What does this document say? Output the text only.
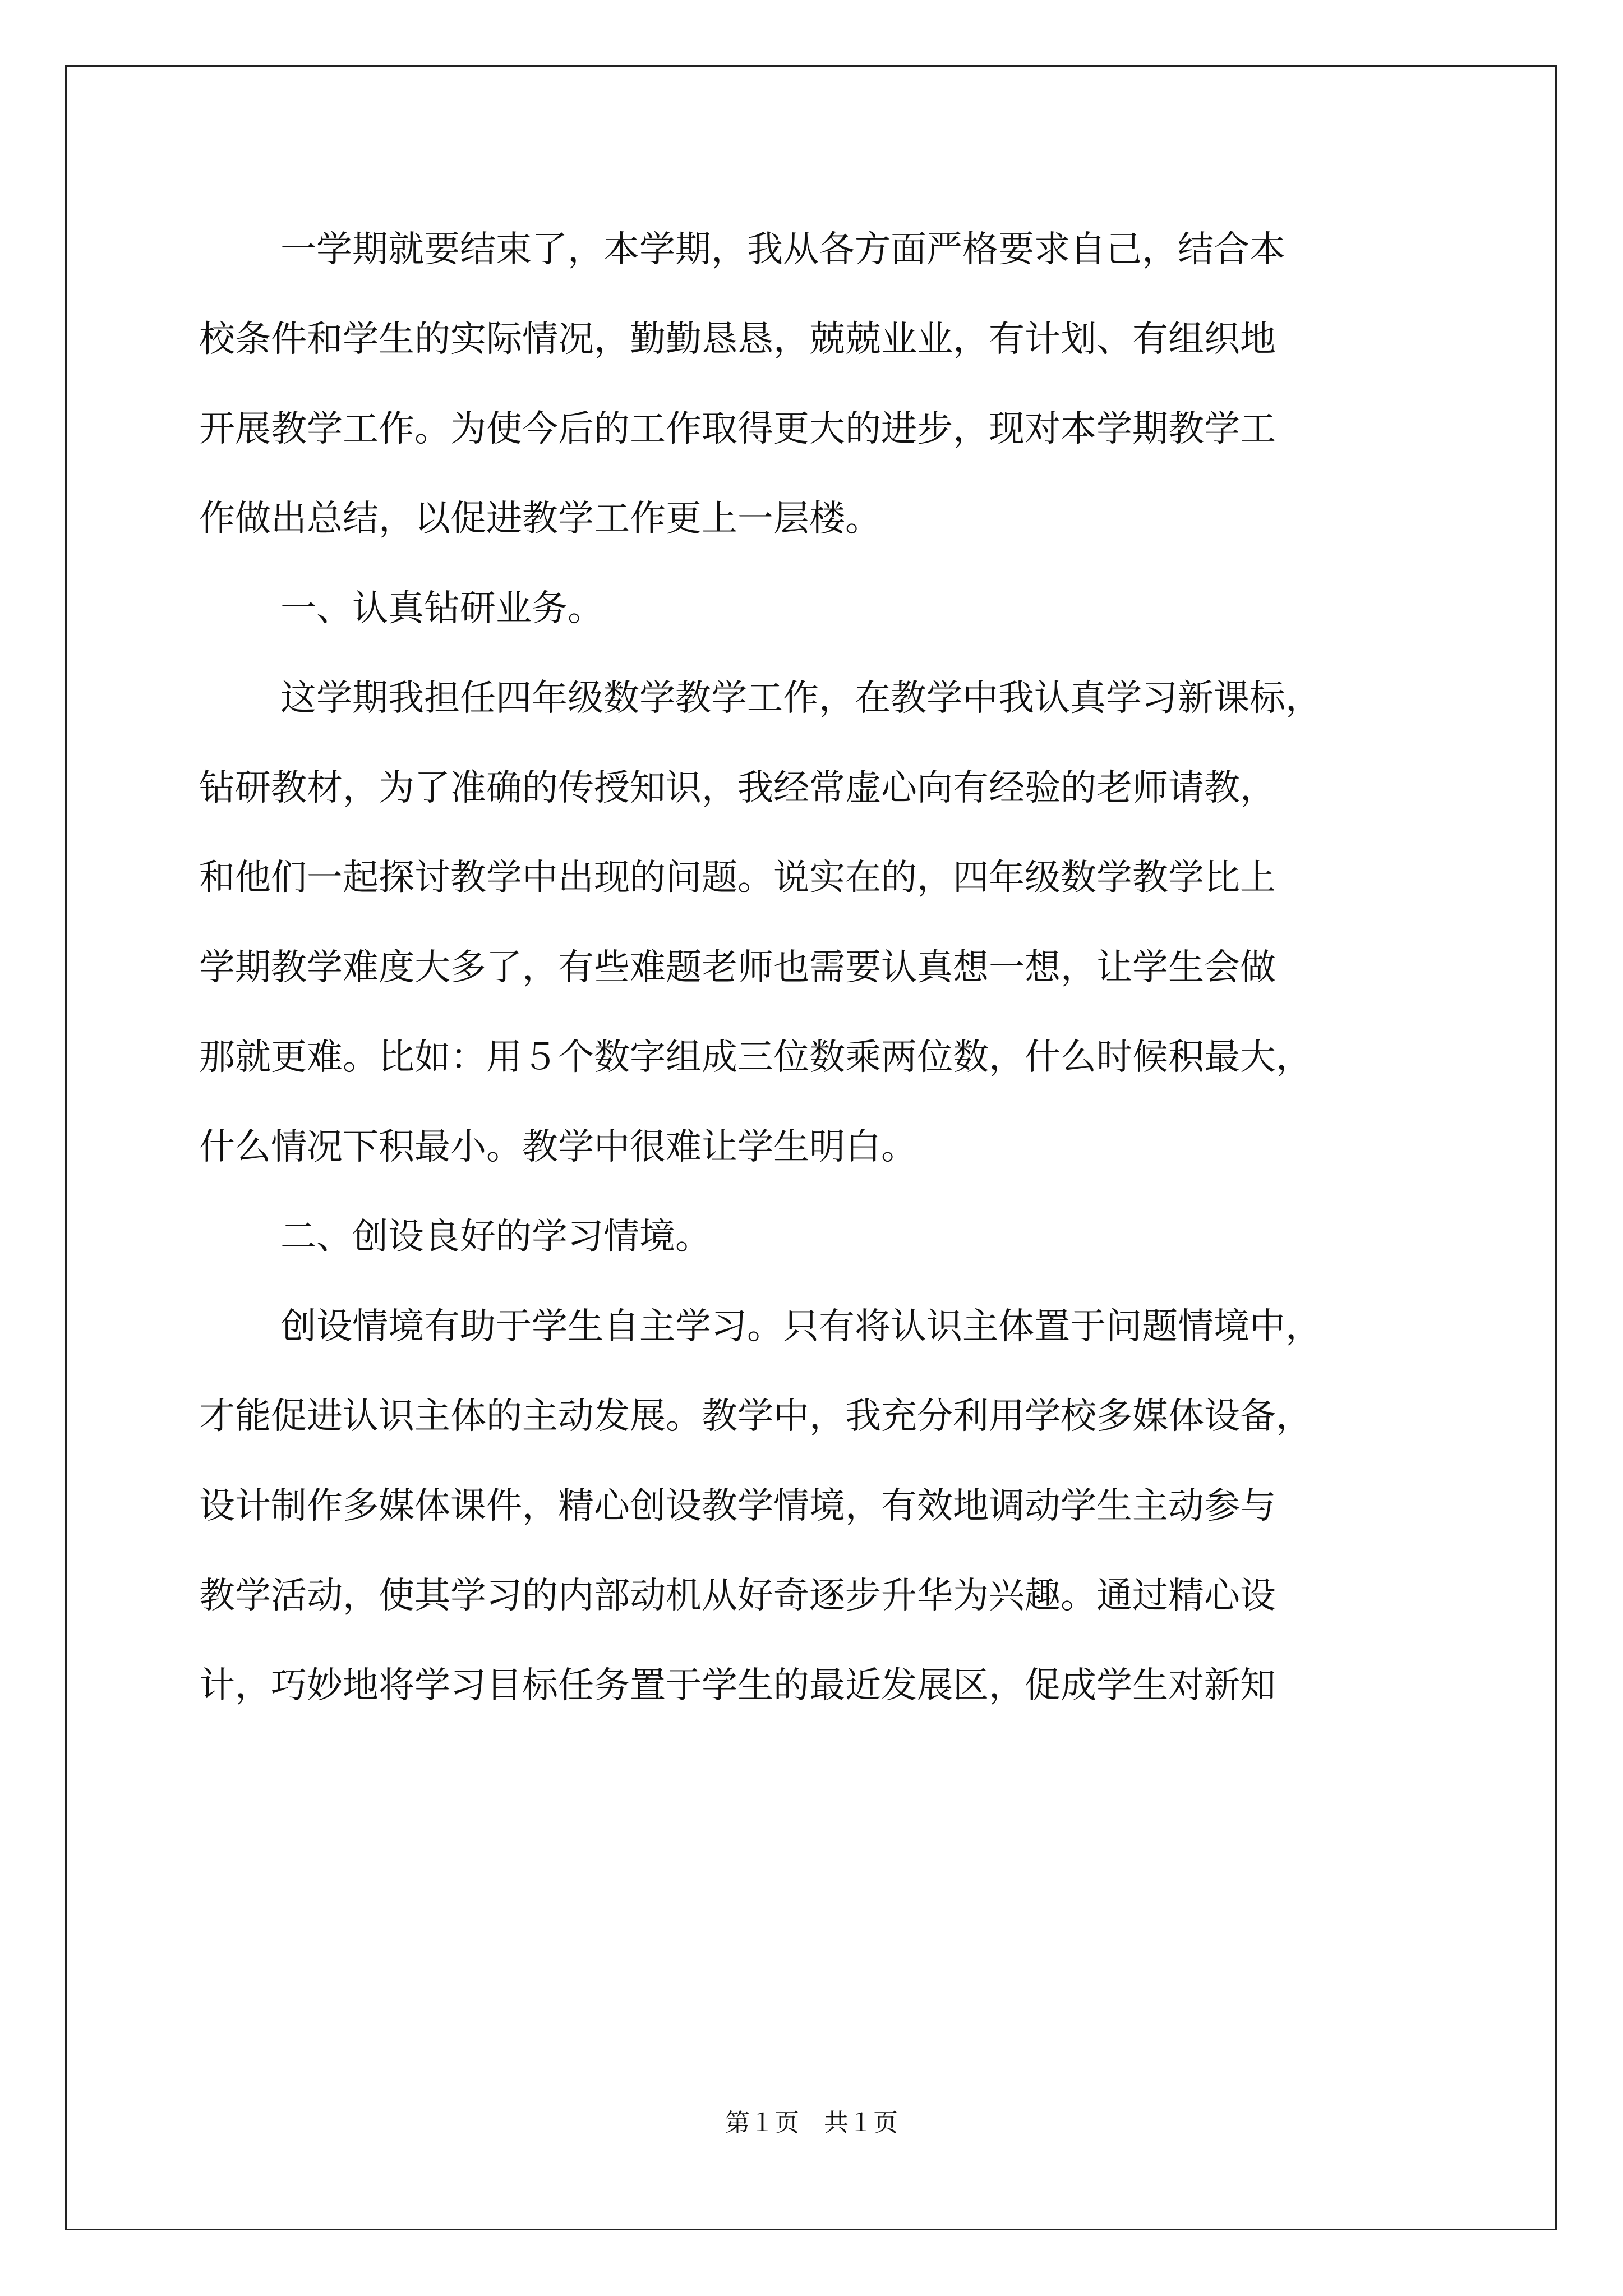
一学期就要结束了，本学期，我从各方面严格要求自己，结合本

校条件和学生的实际情况，勤勤恳恳，兢兢业业，有计划、有组织地

开展教学工作。为使今后的工作取得更大的进步，现对本学期教学工

作做出总结，以促进教学工作更上一层楼。

一、认真钻研业务。

这学期我担任四年级数学教学工作，在教学中我认真学习新课标，

钻研教材，为了准确的传授知识，我经常虚心向有经验的老师请教，

和他们一起探讨教学中出现的问题。说实在的，四年级数学教学比上

学期教学难度大多了，有些难题老师也需要认真想一想，让学生会做

那就更难。比如：用５个数字组成三位数乘两位数，什么时候积最大，

什么情况下积最小。教学中很难让学生明白。

二、创设良好的学习情境。

创设情境有助于学生自主学习。只有将认识主体置于问题情境中，

才能促进认识主体的主动发展。教学中，我充分利用学校多媒体设备，

设计制作多媒体课件，精心创设教学情境，有效地调动学生主动参与

教学活动，使其学习的内部动机从好奇逐步升华为兴趣。通过精心设

计，巧妙地将学习目标任务置于学生的最近发展区，促成学生对新知

第１页　共１页
